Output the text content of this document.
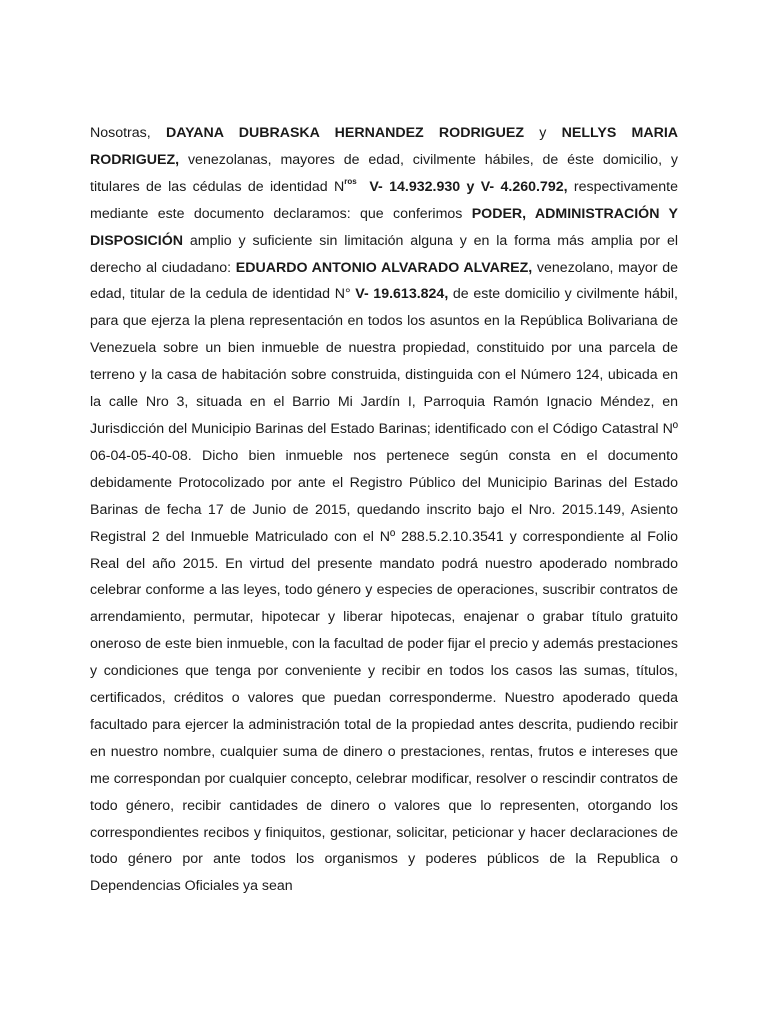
Nosotras, DAYANA DUBRASKA HERNANDEZ RODRIGUEZ y NELLYS MARIA RODRIGUEZ, venezolanas, mayores de edad, civilmente hábiles, de éste domicilio, y titulares de las cédulas de identidad $N^{ros}$ V- 14.932.930 y V- 4.260.792, respectivamente mediante este documento declaramos: que conferimos PODER, ADMINISTRACIÓN Y DISPOSICIÓN amplio y suficiente sin limitación alguna y en la forma más amplia por el derecho al ciudadano: EDUARDO ANTONIO ALVARADO ALVAREZ, venezolano, mayor de edad, titular de la cedula de identidad N° V- 19.613.824, de este domicilio y civilmente hábil, para que ejerza la plena representación en todos los asuntos en la República Bolivariana de Venezuela sobre un bien inmueble de nuestra propiedad, constituido por una parcela de terreno y la casa de habitación sobre construida, distinguida con el Número 124, ubicada en la calle Nro 3, situada en el Barrio Mi Jardín I, Parroquia Ramón Ignacio Méndez, en Jurisdicción del Municipio Barinas del Estado Barinas; identificado con el Código Catastral Nº 06-04-05-40-08. Dicho bien inmueble nos pertenece según consta en el documento debidamente Protocolizado por ante el Registro Público del Municipio Barinas del Estado Barinas de fecha 17 de Junio de 2015, quedando inscrito bajo el Nro. 2015.149, Asiento Registral 2 del Inmueble Matriculado con el Nº 288.5.2.10.3541 y correspondiente al Folio Real del año 2015. En virtud del presente mandato podrá nuestro apoderado nombrado celebrar conforme a las leyes, todo género y especies de operaciones, suscribir contratos de arrendamiento, permutar, hipotecar y liberar hipotecas, enajenar o grabar título gratuito oneroso de este bien inmueble, con la facultad de poder fijar el precio y además prestaciones y condiciones que tenga por conveniente y recibir en todos los casos las sumas, títulos, certificados, créditos o valores que puedan corresponderme. Nuestro apoderado queda facultado para ejercer la administración total de la propiedad antes descrita, pudiendo recibir en nuestro nombre, cualquier suma de dinero o prestaciones, rentas, frutos e intereses que me correspondan por cualquier concepto, celebrar modificar, resolver o rescindir contratos de todo género, recibir cantidades de dinero o valores que lo representen, otorgando los correspondientes recibos y finiquitos, gestionar, solicitar, peticionar y hacer declaraciones de todo género por ante todos los organismos y poderes públicos de la Republica o Dependencias Oficiales ya sean
